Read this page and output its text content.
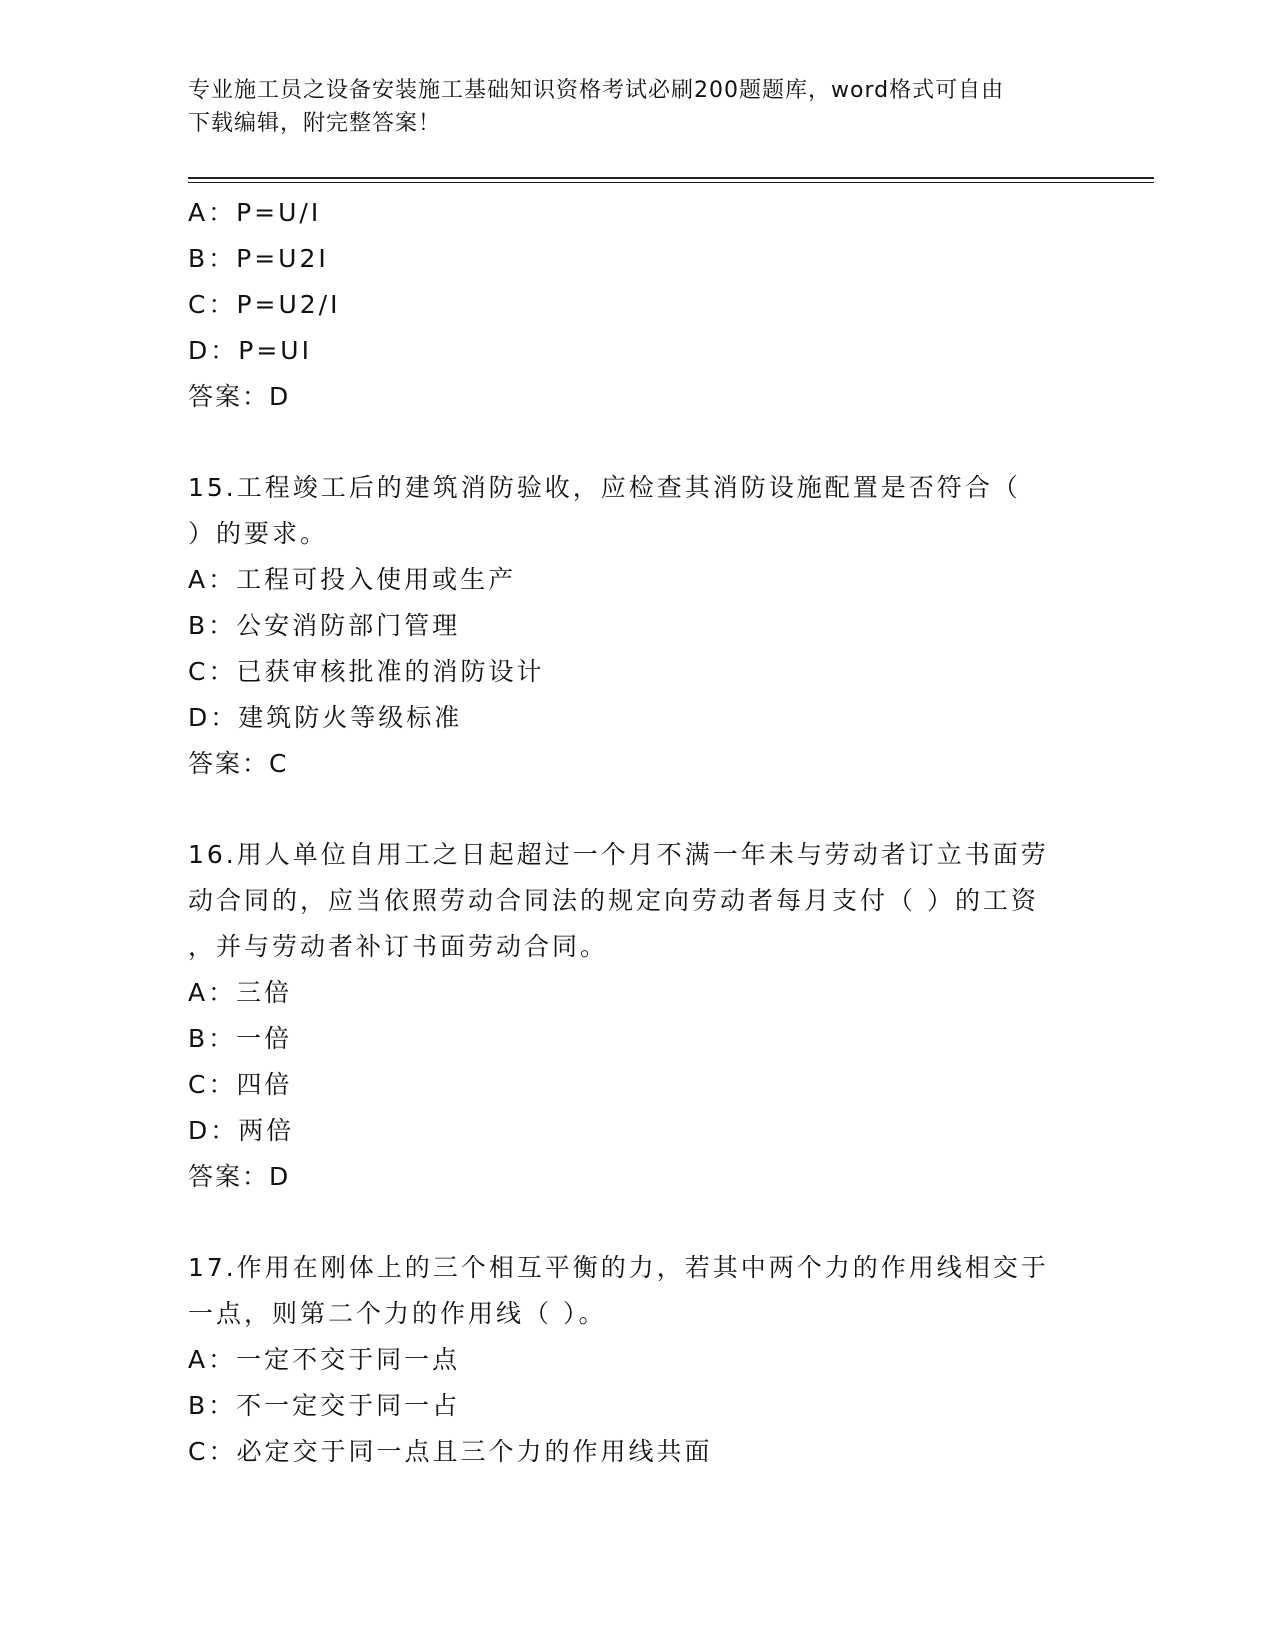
专业施工员之设备安装施工基础知识资格考试必刷200题题库，word格式可自由
下载编辑，附完整答案！
A：P=U/I
B：P=U2I
C：P=U2/I
D：P=UI
答案：D
15.工程竣工后的建筑消防验收，应检查其消防设施配置是否符合（
）的要求。
A：工程可投入使用或生产
B：公安消防部门管理
C：已获审核批准的消防设计
D：建筑防火等级标准
答案：C
16.用人单位自用工之日起超过一个月不满一年未与劳动者订立书面劳
动合同的，应当依照劳动合同法的规定向劳动者每月支付（ ）的工资
，并与劳动者补订书面劳动合同。
A：三倍
B：一倍
C：四倍
D：两倍
答案：D
17.作用在刚体上的三个相互平衡的力，若其中两个力的作用线相交于
一点，则第二个力的作用线（ ）。
A：一定不交于同一点
B：不一定交于同一占
C：必定交于同一点且三个力的作用线共面
